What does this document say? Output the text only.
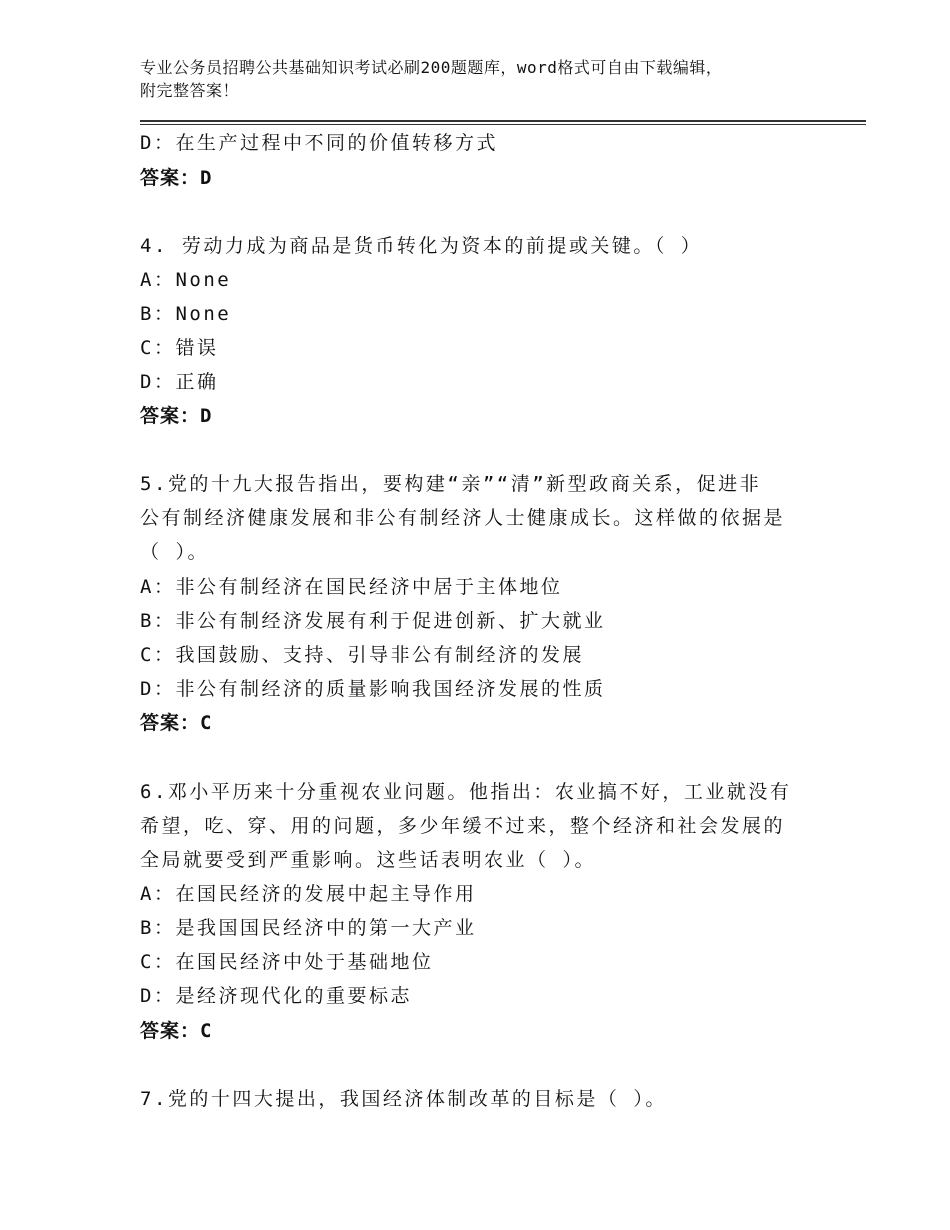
专业公务员招聘公共基础知识考试必刷200题题库，word格式可自由下载编辑，
附完整答案！
D：在生产过程中不同的价值转移方式
答案：D
4. 劳动力成为商品是货币转化为资本的前提或关键。（ ）
A：None
B：None
C：错误
D：正确
答案：D
5.党的十九大报告指出，要构建“亲”“清”新型政商关系，促进非
公有制经济健康发展和非公有制经济人士健康成长。这样做的依据是
（ ）。
A：非公有制经济在国民经济中居于主体地位
B：非公有制经济发展有利于促进创新、扩大就业
C：我国鼓励、支持、引导非公有制经济的发展
D：非公有制经济的质量影响我国经济发展的性质
答案：C
6.邓小平历来十分重视农业问题。他指出：农业搞不好，工业就没有
希望，吃、穿、用的问题，多少年缓不过来，整个经济和社会发展的
全局就要受到严重影响。这些话表明农业（ ）。
A：在国民经济的发展中起主导作用
B：是我国国民经济中的第一大产业
C：在国民经济中处于基础地位
D：是经济现代化的重要标志
答案：C
7.党的十四大提出，我国经济体制改革的目标是（ ）。
